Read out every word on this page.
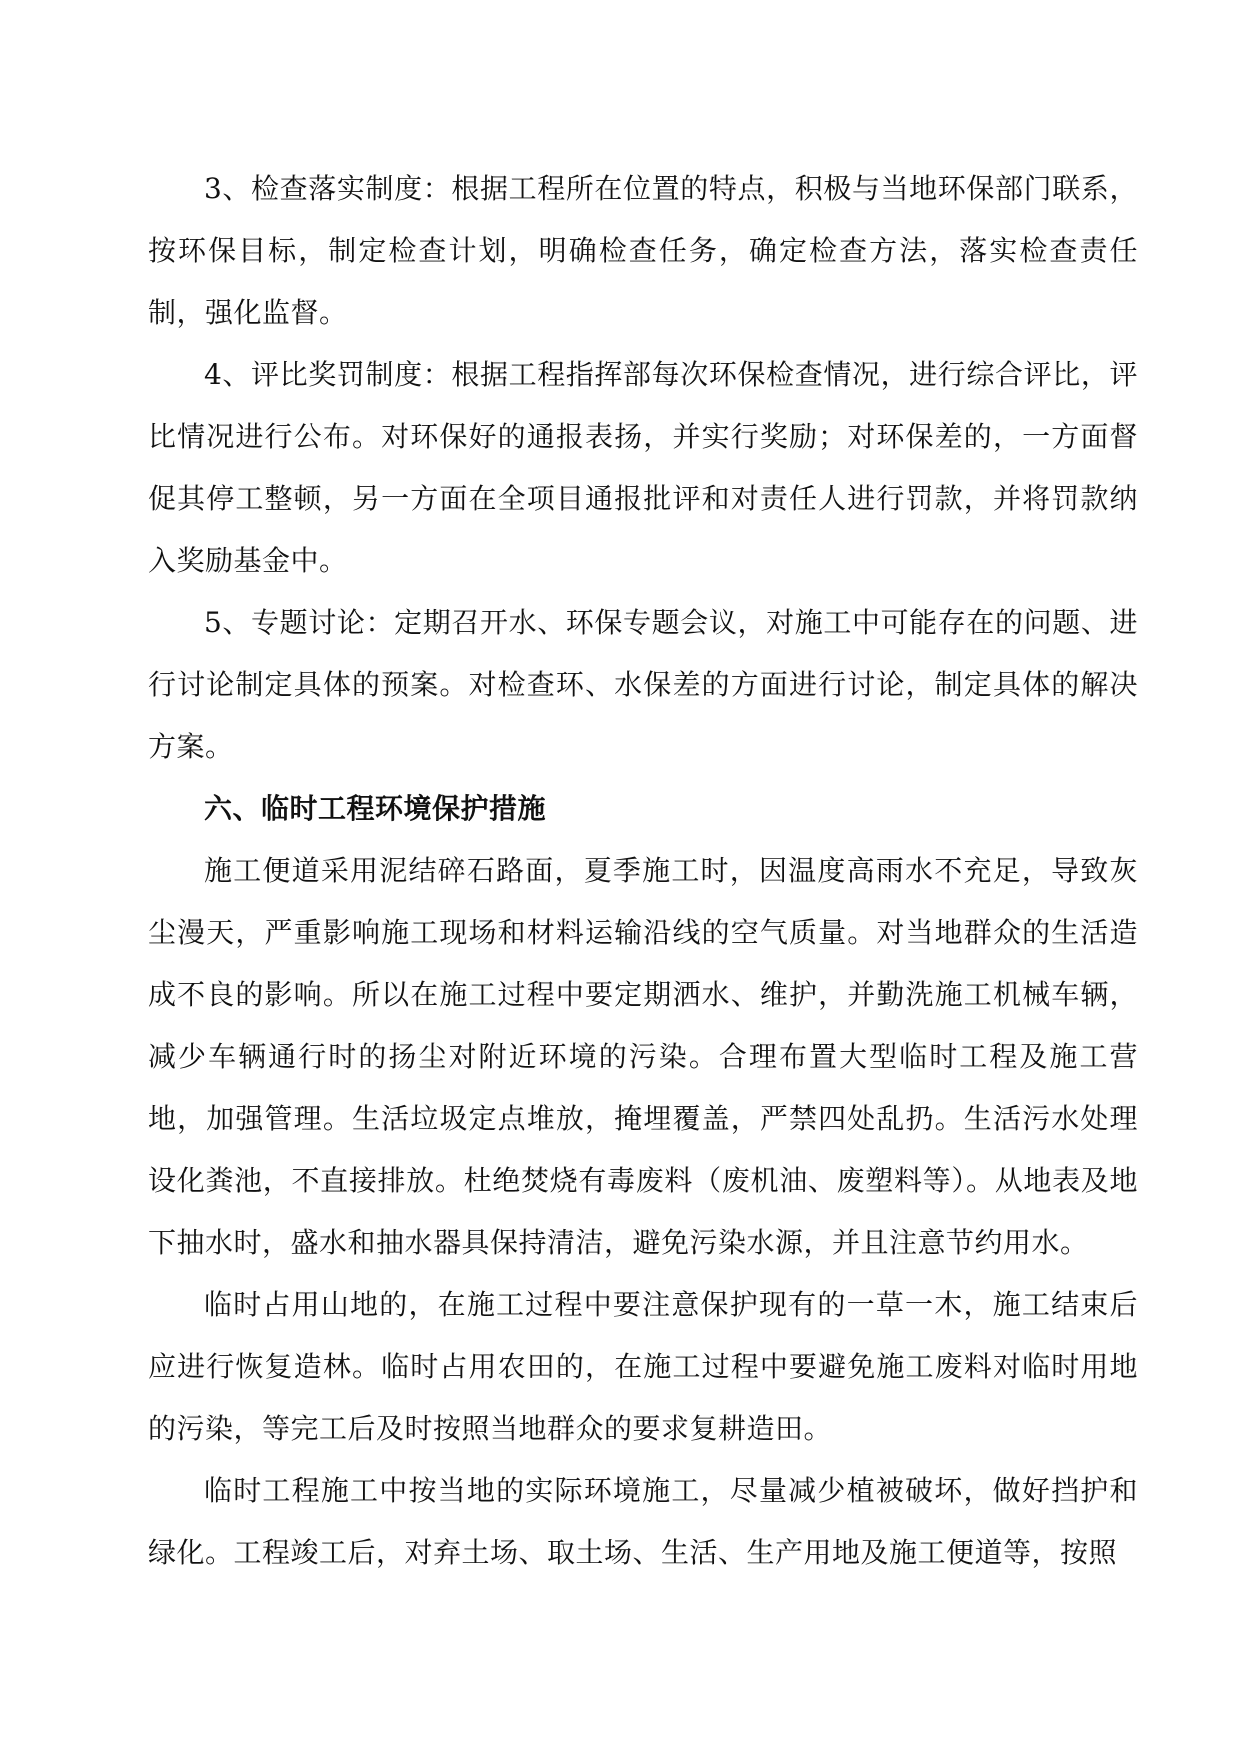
3、检查落实制度：根据工程所在位置的特点，积极与当地环保部门联系，按环保目标，制定检查计划，明确检查任务，确定检查方法，落实检查责任制，强化监督。

4、评比奖罚制度：根据工程指挥部每次环保检查情况，进行综合评比，评比情况进行公布。对环保好的通报表扬，并实行奖励；对环保差的，一方面督促其停工整顿，另一方面在全项目通报批评和对责任人进行罚款，并将罚款纳入奖励基金中。

5、专题讨论：定期召开水、环保专题会议，对施工中可能存在的问题、进行讨论制定具体的预案。对检查环、水保差的方面进行讨论，制定具体的解决方案。

六、临时工程环境保护措施

施工便道采用泥结碎石路面，夏季施工时，因温度高雨水不充足，导致灰尘漫天，严重影响施工现场和材料运输沿线的空气质量。对当地群众的生活造成不良的影响。所以在施工过程中要定期洒水、维护，并勤洗施工机械车辆，减少车辆通行时的扬尘对附近环境的污染。合理布置大型临时工程及施工营地，加强管理。生活垃圾定点堆放，掩埋覆盖，严禁四处乱扔。生活污水处理设化粪池，不直接排放。杜绝焚烧有毒废料（废机油、废塑料等）。从地表及地下抽水时，盛水和抽水器具保持清洁，避免污染水源，并且注意节约用水。

临时占用山地的，在施工过程中要注意保护现有的一草一木，施工结束后应进行恢复造林。临时占用农田的，在施工过程中要避免施工废料对临时用地的污染，等完工后及时按照当地群众的要求复耕造田。

临时工程施工中按当地的实际环境施工，尽量减少植被破坏，做好挡护和绿化。工程竣工后，对弃土场、取土场、生活、生产用地及施工便道等，按照
